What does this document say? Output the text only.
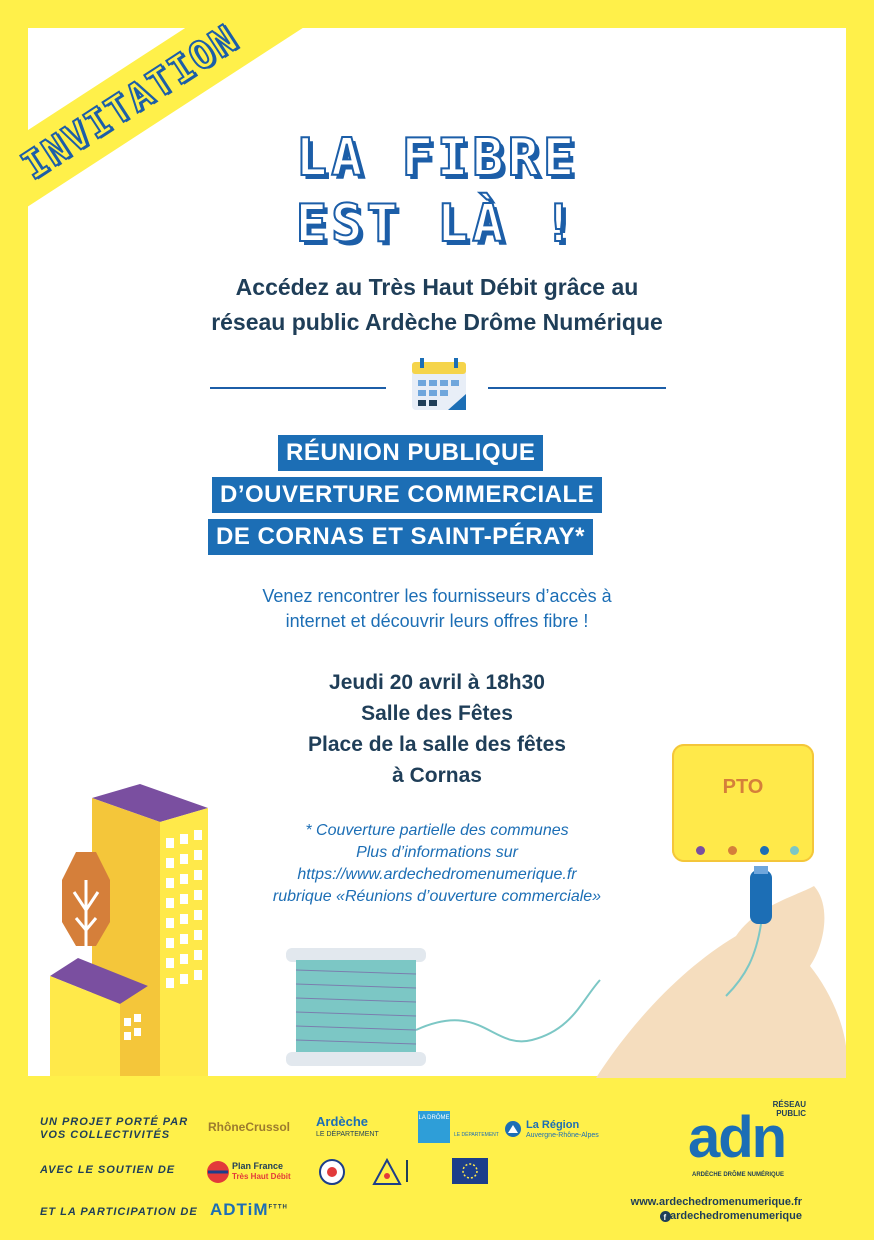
INVITATION LA FIBRE
EST LÀ !
Accédez au Très Haut Débit grâce au
réseau public Ardèche Drôme Numérique
RÉUNION PUBLIQUE
D’OUVERTURE COMMERCIALE
DE CORNAS ET SAINT-PÉRAY*
Venez rencontrer les fournisseurs d’accès à
internet et découvrir leurs offres fibre !
Jeudi 20 avril à 18h30
Salle des Fêtes
Place de la salle des fêtes
à Cornas
* Couverture partielle des communes
Plus d’informations sur
https://www.ardechedromenumerique.fr
rubrique «Réunions d’ouverture commerciale»
PTO
UN PROJET PORTÉ PAR
VOS COLLECTIVITÉS
AVEC LE SOUTIEN DE
ET LA PARTICIPATION DE
RhôneCrussol Ardèche
LE DÉPARTEMENT
LA DRÔME
LE DÉPARTEMENT
La Région
Auvergne-Rhône-Alpes
Plan France
Très Haut Débit
ADTiM$^{FTTH}$
RÉSEAU PUBLIC
adn
ARDÈCHE DRÔME NUMÉRIQUE
www.ardechedromenumerique.fr
f ardechedromenumerique
